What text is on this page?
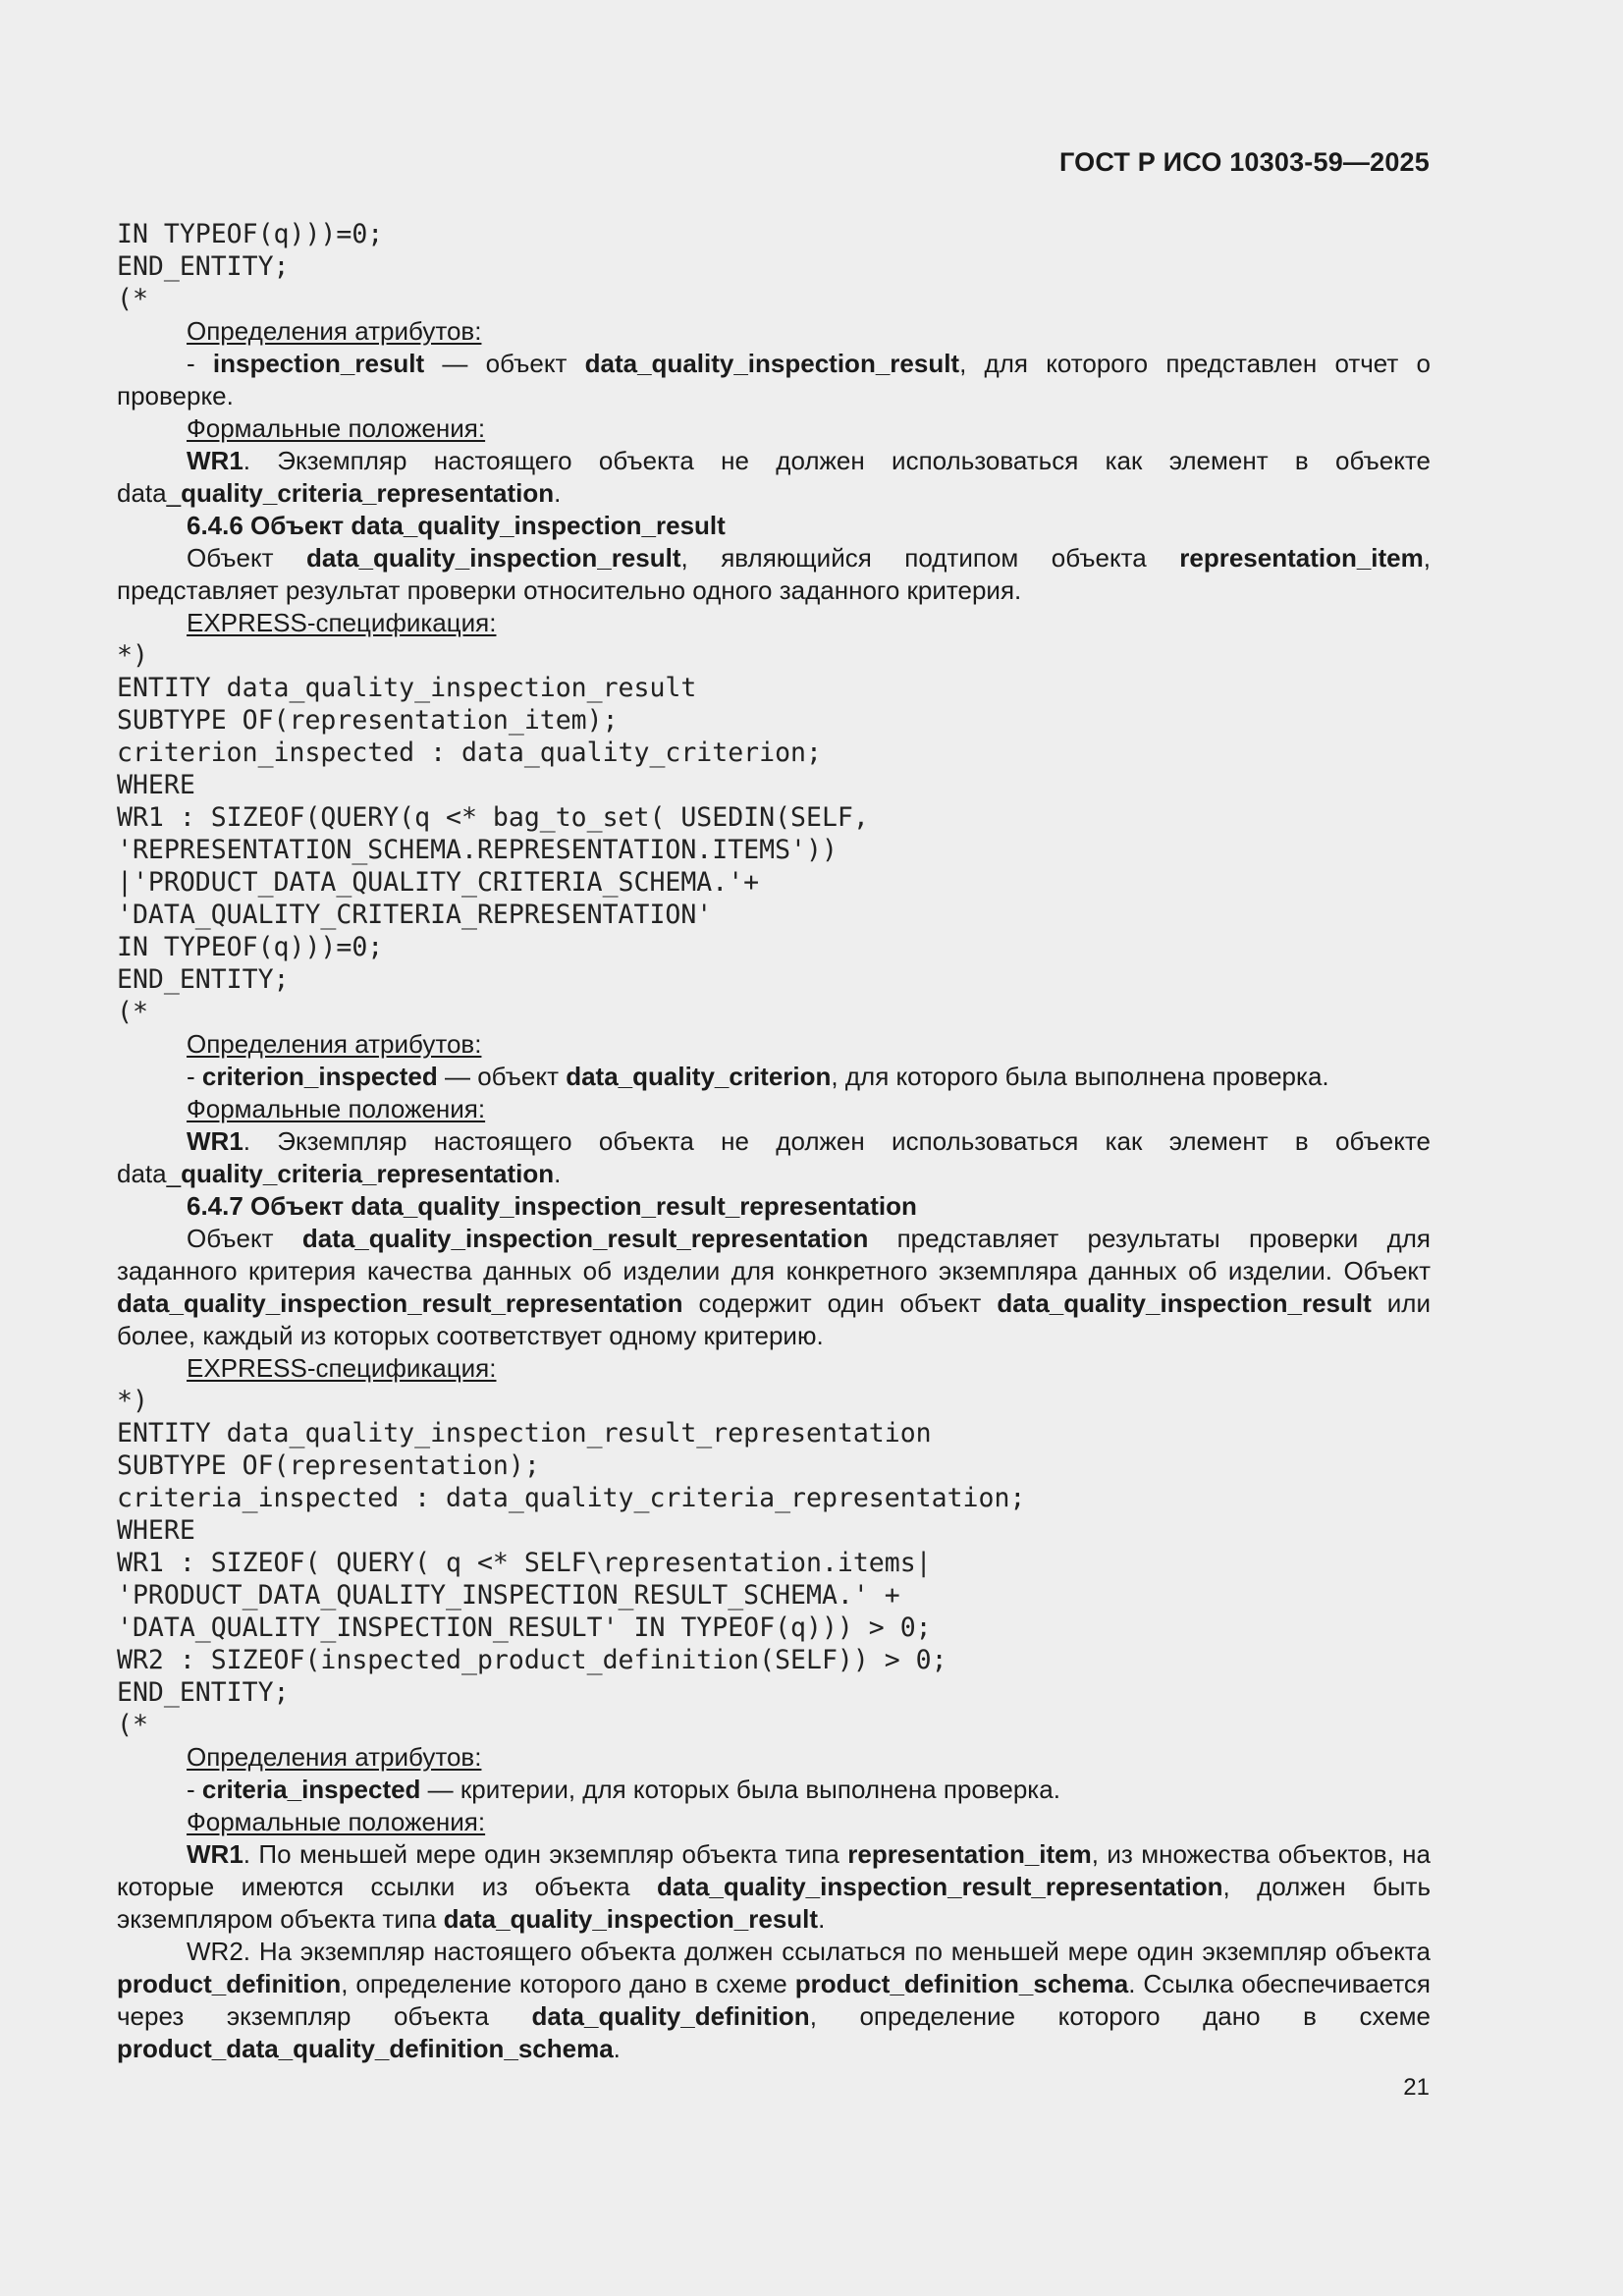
ГОСТ Р ИСО 10303-59—2025
IN TYPEOF(q)))=0;
END_ENTITY;
(*
Определения атрибутов:
- inspection_result — объект data_quality_inspection_result, для которого представлен отчет о проверке.
Формальные положения:
WR1. Экземпляр настоящего объекта не должен использоваться как элемент в объекте data_quality_criteria_representation.
6.4.6 Объект data_quality_inspection_result
Объект data_quality_inspection_result, являющийся подтипом объекта representation_item, представляет результат проверки относительно одного заданного критерия.
EXPRESS-спецификация:
*)
ENTITY data_quality_inspection_result
SUBTYPE OF(representation_item);
criterion_inspected : data_quality_criterion;
WHERE
WR1 : SIZEOF(QUERY(q <* bag_to_set( USEDIN(SELF,
'REPRESENTATION_SCHEMA.REPRESENTATION.ITEMS'))
|'PRODUCT_DATA_QUALITY_CRITERIA_SCHEMA.'+
'DATA_QUALITY_CRITERIA_REPRESENTATION'
IN TYPEOF(q)))=0;
END_ENTITY;
(*
Определения атрибутов:
- criterion_inspected — объект data_quality_criterion, для которого была выполнена проверка.
Формальные положения:
WR1. Экземпляр настоящего объекта не должен использоваться как элемент в объекте data_quality_criteria_representation.
6.4.7 Объект data_quality_inspection_result_representation
Объект data_quality_inspection_result_representation представляет результаты проверки для заданного критерия качества данных об изделии для конкретного экземпляра данных об изделии. Объект data_quality_inspection_result_representation содержит один объект data_quality_inspection_result или более, каждый из которых соответствует одному критерию.
EXPRESS-спецификация:
*)
ENTITY data_quality_inspection_result_representation
SUBTYPE OF(representation);
criteria_inspected : data_quality_criteria_representation;
WHERE
WR1 : SIZEOF( QUERY( q <* SELF\representation.items|
'PRODUCT_DATA_QUALITY_INSPECTION_RESULT_SCHEMA.' +
'DATA_QUALITY_INSPECTION_RESULT' IN TYPEOF(q))) > 0;
WR2 : SIZEOF(inspected_product_definition(SELF)) > 0;
END_ENTITY;
(*
Определения атрибутов:
- criteria_inspected — критерии, для которых была выполнена проверка.
Формальные положения:
WR1. По меньшей мере один экземпляр объекта типа representation_item, из множества объектов, на которые имеются ссылки из объекта data_quality_inspection_result_representation, должен быть экземпляром объекта типа data_quality_inspection_result.
WR2. На экземпляр настоящего объекта должен ссылаться по меньшей мере один экземпляр объекта product_definition, определение которого дано в схеме product_definition_schema. Ссылка обеспечивается через экземпляр объекта data_quality_definition, определение которого дано в схеме product_data_quality_definition_schema.
21
